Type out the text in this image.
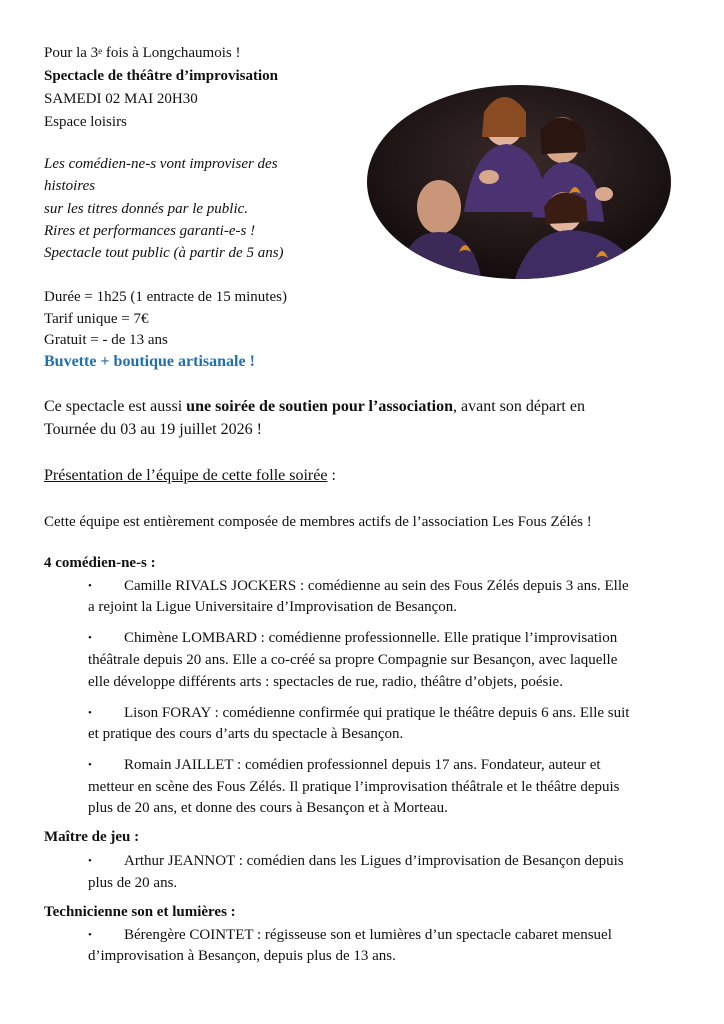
Pour la 3e fois à Longchaumois !
Spectacle de théâtre d’improvisation
SAMEDI 02 MAI 20H30
Espace loisirs
Les comédien-ne-s vont improviser des
histoires
sur les titres donnés par le public.
Rires et performances garanti-e-s !
Spectacle tout public (à partir de 5 ans)
Durée = 1h25 (1 entracte de 15 minutes)
Tarif unique = 7€
Gratuit = - de 13 ans
Buvette + boutique artisanale !
Ce spectacle est aussi une soirée de soutien pour l’association, avant son départ en
Tournée du 03 au 19 juillet 2026 !
Présentation de l’équipe de cette folle soirée :
Cette équipe est entièrement composée de membres actifs de l’association Les Fous Zélés !
4 comédien-ne-s :
• Camille RIVALS JOCKERS : comédienne au sein des Fous Zélés depuis 3 ans. Elle
a rejoint la Ligue Universitaire d’Improvisation de Besançon.
• Chimène LOMBARD : comédienne professionnelle. Elle pratique l’improvisation
théâtrale depuis 20 ans. Elle a co-créé sa propre Compagnie sur Besançon, avec laquelle
elle développe différents arts : spectacles de rue, radio, théâtre d’objets, poésie.
• Lison FORAY : comédienne confirmée qui pratique le théâtre depuis 6 ans. Elle suit
et pratique des cours d’arts du spectacle à Besançon.
• Romain JAILLET : comédien professionnel depuis 17 ans. Fondateur, auteur et
metteur en scène des Fous Zélés. Il pratique l’improvisation théâtrale et le théâtre depuis
plus de 20 ans, et donne des cours à Besançon et à Morteau.
Maître de jeu :
• Arthur JEANNOT : comédien dans les Ligues d’improvisation de Besançon depuis
plus de 20 ans.
Technicienne son et lumières :
• Bérengère COINTET : régisseuse son et lumières d’un spectacle cabaret mensuel
d’improvisation à Besançon, depuis plus de 13 ans.
